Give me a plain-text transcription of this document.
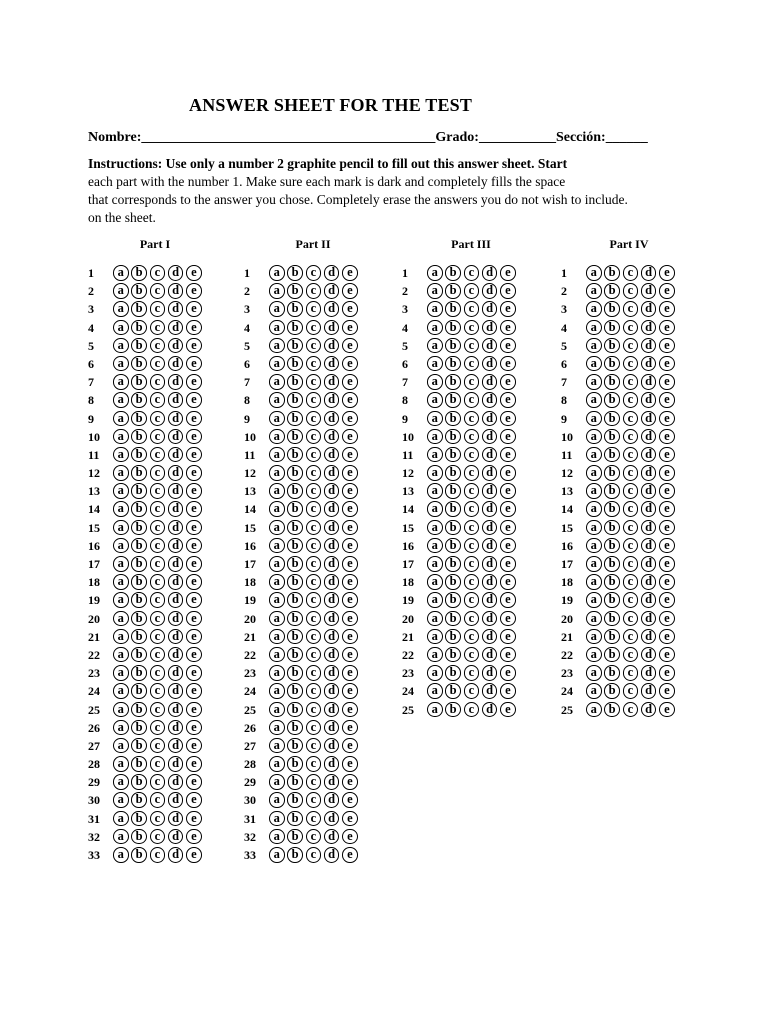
ANSWER SHEET FOR THE TEST
Nombre:__________________________________________Grado:___________Sección:______
Instructions: Use only a number 2 graphite pencil to fill out this answer sheet. Start
each part with the number 1. Make sure each mark is dark and completely fills the space
that corresponds to the answer you chose. Completely erase the answers you do not wish to include.
on the sheet.
Part I	Part II	Part III	Part IV
1	a b c d e
2	a b c d e
3	a b c d e
4	a b c d e
5	a b c d e
6	a b c d e
7	a b c d e
8	a b c d e
9	a b c d e
10	a b c d e
11	a b c d e
12	a b c d e
13	a b c d e
14	a b c d e
15	a b c d e
16	a b c d e
17	a b c d e
18	a b c d e
19	a b c d e
20	a b c d e
21	a b c d e
22	a b c d e
23	a b c d e
24	a b c d e
25	a b c d e
26	a b c d e
27	a b c d e
28	a b c d e
29	a b c d e
30	a b c d e
31	a b c d e
32	a b c d e
33	a b c d e
1	a b c d e
2	a b c d e
3	a b c d e
4	a b c d e
5	a b c d e
6	a b c d e
7	a b c d e
8	a b c d e
9	a b c d e
10	a b c d e
11	a b c d e
12	a b c d e
13	a b c d e
14	a b c d e
15	a b c d e
16	a b c d e
17	a b c d e
18	a b c d e
19	a b c d e
20	a b c d e
21	a b c d e
22	a b c d e
23	a b c d e
24	a b c d e
25	a b c d e
26	a b c d e
27	a b c d e
28	a b c d e
29	a b c d e
30	a b c d e
31	a b c d e
32	a b c d e
33	a b c d e
1	a b c d e
2	a b c d e
3	a b c d e
4	a b c d e
5	a b c d e
6	a b c d e
7	a b c d e
8	a b c d e
9	a b c d e
10	a b c d e
11	a b c d e
12	a b c d e
13	a b c d e
14	a b c d e
15	a b c d e
16	a b c d e
17	a b c d e
18	a b c d e
19	a b c d e
20	a b c d e
21	a b c d e
22	a b c d e
23	a b c d e
24	a b c d e
25	a b c d e
1	a b c d e
2	a b c d e
3	a b c d e
4	a b c d e
5	a b c d e
6	a b c d e
7	a b c d e
8	a b c d e
9	a b c d e
10	a b c d e
11	a b c d e
12	a b c d e
13	a b c d e
14	a b c d e
15	a b c d e
16	a b c d e
17	a b c d e
18	a b c d e
19	a b c d e
20	a b c d e
21	a b c d e
22	a b c d e
23	a b c d e
24	a b c d e
25	a b c d e
